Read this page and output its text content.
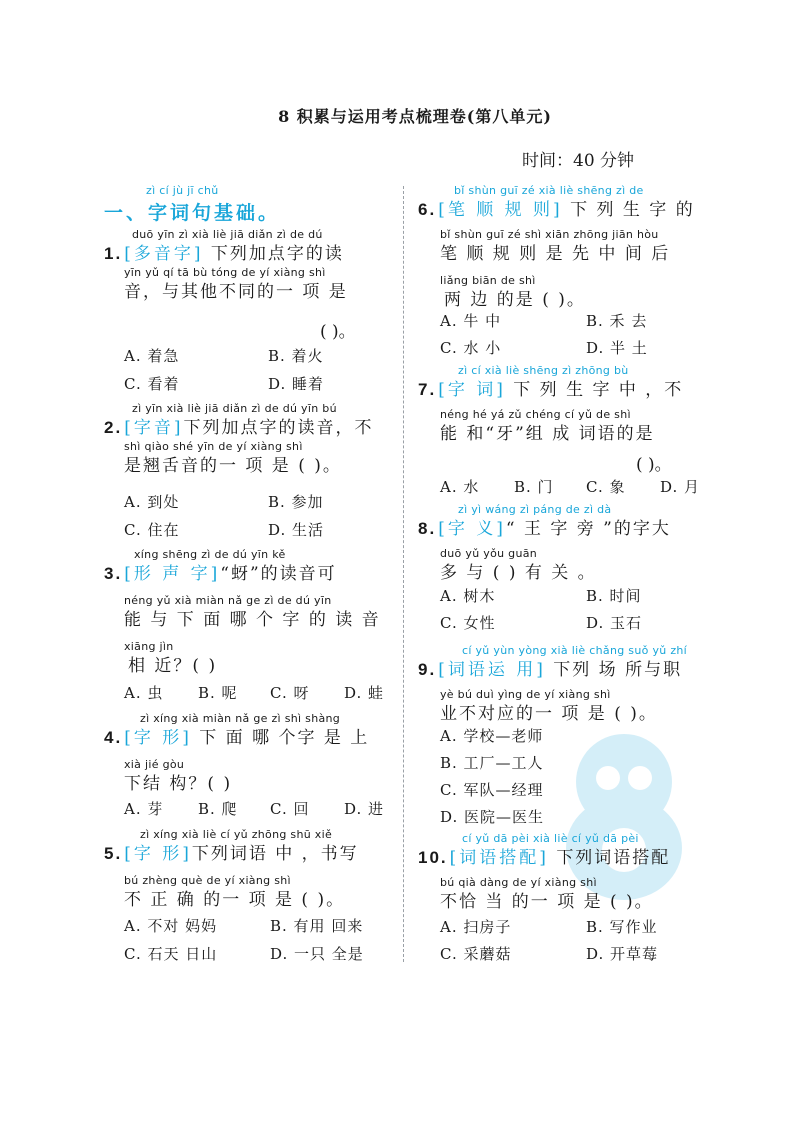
8 积累与运用考点梳理卷(第八单元)
时间：40 分钟
zì cí jù jī chǔ
一、字词句基础。
duō yīn zì xià liè jiā diǎn zì de dú
1. [多音字] 下列加点字的读
yīn yǔ qí tā bù tóng de yí xiàng shì
音，与其他不同的一 项 是
( )。
A. 着急	B. 着火
C. 看着	D. 睡着
zì yīn xià liè jiā diǎn zì de dú yīn bú
2. [字音]下列加点字的读音，不
shì qiào shé yīn de yí xiàng shì
是翘舌音的一 项 是 ( )。
A. 到处	B. 参加
C. 住在	D. 生活
xíng shēng zì de dú yīn kě
3. [形 声 字]“蚜”的读音可
néng yǔ xià miàn nǎ ge zì de dú yīn
能 与 下 面 哪 个 字 的 读 音
xiāng jìn
相 近？( )
A. 虫 B. 呢 C. 呀 D. 蛙
zì xíng xià miàn nǎ ge zì shì shàng
4. [字 形] 下 面 哪 个字 是 上
xià jié gòu
下结 构？( )
A. 芽 B. 爬 C. 回 D. 进
zì xíng xià liè cí yǔ zhōng shū xiě
5. [字 形]下列词语 中 ，书写
bú zhèng què de yí xiàng shì
不 正 确 的一 项 是 ( )。
A. 不对 妈妈	B. 有用 回来
C. 石天 日山	D. 一只 全是
bǐ shùn guī zé xià liè shēng zì de
6. [笔 顺 规 则] 下 列 生 字 的
bǐ shùn guī zé shì xiān zhōng jiān hòu
笔 顺 规 则 是 先 中 间 后
liǎng biān de shì
两 边 的是 ( )。
A. 牛 中	B. 禾 去
C. 水 小	D. 半 土
zì cí xià liè shēng zì zhōng bù
7. [字 词] 下 列 生 字 中 ，不
néng hé yá zǔ chéng cí yǔ de shì
能 和“牙”组 成 词语的是
( )。
A. 水 B. 门 C. 象 D. 月
zì yì wáng zì páng de zì dà
8. [字 义]“ 王 字 旁 ”的字大
duō yǔ yǒu guān
多 与 ( ) 有 关 。
A. 树木	B. 时间
C. 女性	D. 玉石
cí yǔ yùn yòng xià liè chǎng suǒ yǔ zhí
9. [词语运 用] 下列 场 所与职
yè bú duì yìng de yí xiàng shì
业不对应的一 项 是 ( )。
A. 学校—老师
B. 工厂—工人
C. 军队—经理
D. 医院—医生
cí yǔ dā pèi xià liè cí yǔ dā pèi
10. [词语搭配] 下列词语搭配
bú qià dàng de yí xiàng shì
不恰 当 的一 项 是 ( )。
A. 扫房子	B. 写作业
C. 采蘑菇	D. 开草莓
